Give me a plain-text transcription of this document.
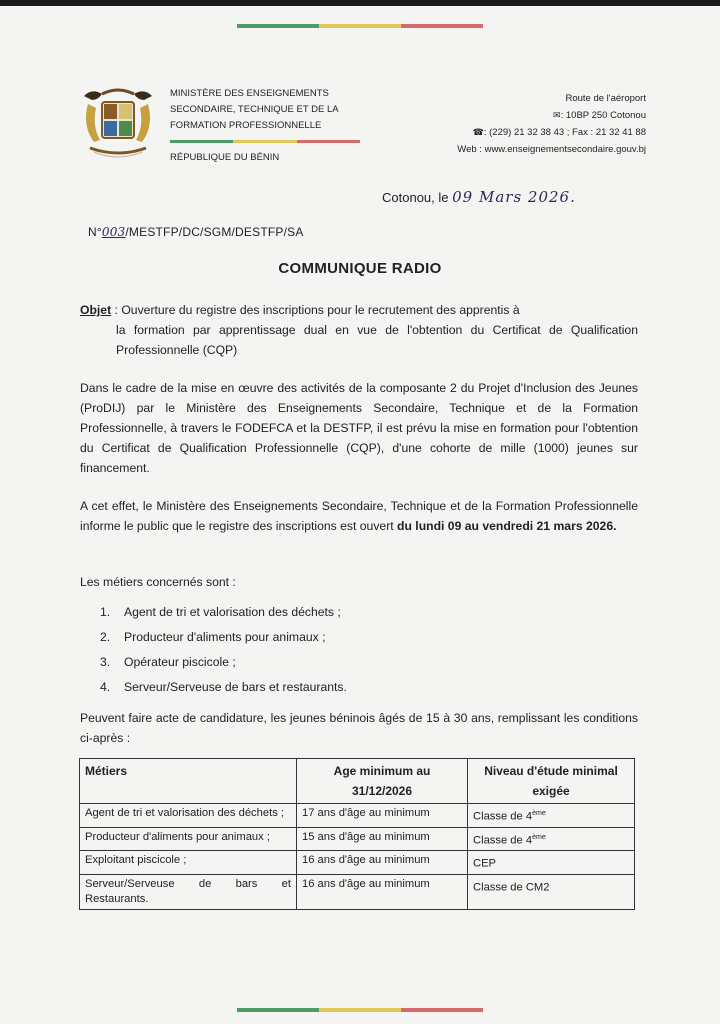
MINISTÈRE DES ENSEIGNEMENTS
SECONDAIRE, TECHNIQUE ET DE LA
FORMATION PROFESSIONNELLE
RÉPUBLIQUE DU BÉNIN
Route de l'aéroport
✉: 10BP 250 Cotonou
☎: (229) 21 32 38 43 ; Fax : 21 32 41 88
Web : www.enseignementsecondaire.gouv.bj
Cotonou, le 09 Mars 2026.
N°003/MESTFP/DC/SGM/DESTFP/SA
COMMUNIQUE RADIO
Objet : Ouverture du registre des inscriptions pour le recrutement des apprentis à
la formation par apprentissage dual en vue de l'obtention du Certificat de Qualification Professionnelle (CQP)
Dans le cadre de la mise en œuvre des activités de la composante 2 du Projet d'Inclusion des Jeunes (ProDIJ) par le Ministère des Enseignements Secondaire, Technique et de la Formation Professionnelle, à travers le FODEFCA et la DESTFP, il est prévu la mise en formation pour l'obtention du Certificat de Qualification Professionnelle (CQP), d'une cohorte de mille (1000) jeunes sur financement.
A cet effet, le Ministère des Enseignements Secondaire, Technique et de la Formation Professionnelle informe le public que le registre des inscriptions est ouvert du lundi 09 au vendredi 21 mars 2026.
Les métiers concernés sont :
1. Agent de tri et valorisation des déchets ;
2. Producteur d'aliments pour animaux ;
3. Opérateur piscicole ;
4. Serveur/Serveuse de bars et restaurants.
Peuvent faire acte de candidature, les jeunes béninois âgés de 15 à 30 ans, remplissant les conditions ci-après :
Métiers	Age minimum au 31/12/2026	Niveau d'étude minimal exigée
Agent de tri et valorisation des déchets ;	17 ans d'âge au minimum	Classe de 4ème
Producteur d'aliments pour animaux ;	15 ans d'âge au minimum	Classe de 4ème
Exploitant piscicole ;	16 ans d'âge au minimum	CEP
Serveur/Serveuse de bars et Restaurants.	16 ans d'âge au minimum	Classe de CM2
